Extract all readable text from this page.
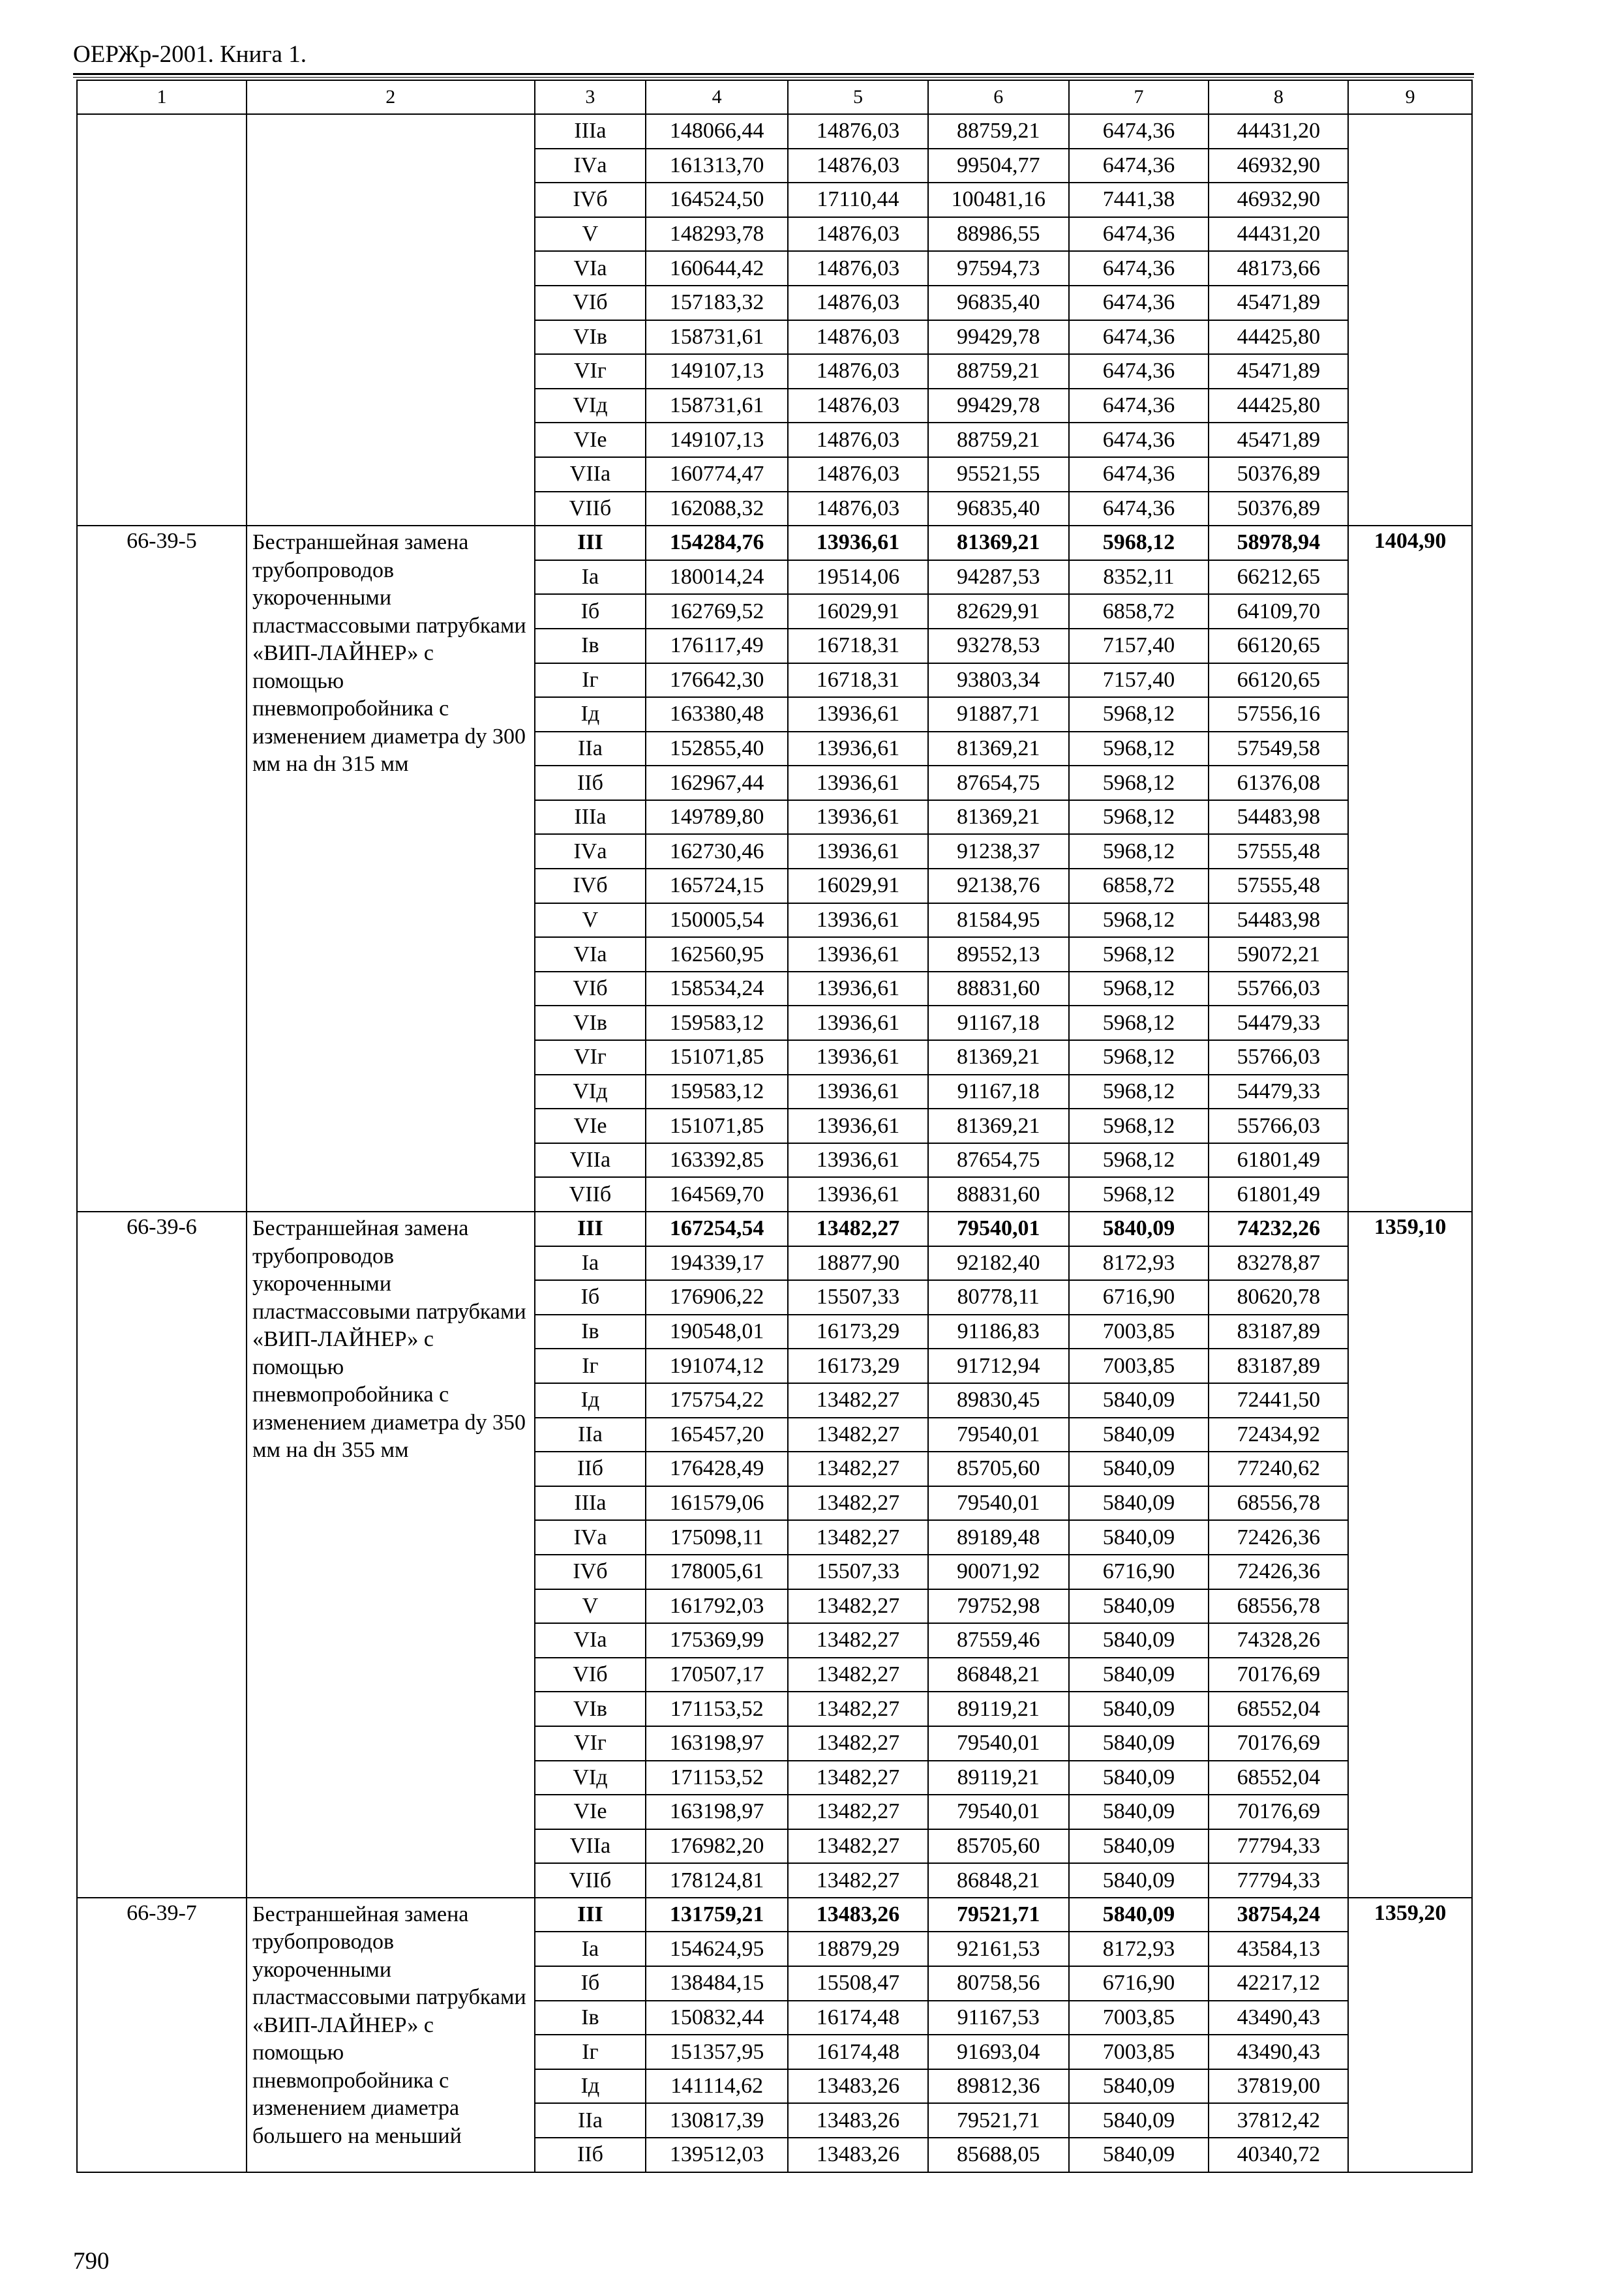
ОЕРЖр-2001. Книга 1.
1	2	3	4	5	6	7	8	9
		IIIа	148066,44	14876,03	88759,21	6474,36	44431,20	
		IVа	161313,70	14876,03	99504,77	6474,36	46932,90	
		IVб	164524,50	17110,44	100481,16	7441,38	46932,90	
		V	148293,78	14876,03	88986,55	6474,36	44431,20	
		VIа	160644,42	14876,03	97594,73	6474,36	48173,66	
		VIб	157183,32	14876,03	96835,40	6474,36	45471,89	
		VIв	158731,61	14876,03	99429,78	6474,36	44425,80	
		VIг	149107,13	14876,03	88759,21	6474,36	45471,89	
		VIд	158731,61	14876,03	99429,78	6474,36	44425,80	
		VIе	149107,13	14876,03	88759,21	6474,36	45471,89	
		VIIа	160774,47	14876,03	95521,55	6474,36	50376,89	
		VIIб	162088,32	14876,03	96835,40	6474,36	50376,89	
66-39-5	Бестраншейная замена трубопроводов укороченными пластмассовыми патрубками «ВИП-ЛАЙНЕР» с помощью пневмопробойника с изменением диаметра dу 300 мм на dн 315 мм	III	154284,76	13936,61	81369,21	5968,12	58978,94	1404,90
		Iа	180014,24	19514,06	94287,53	8352,11	66212,65	
		Iб	162769,52	16029,91	82629,91	6858,72	64109,70	
		Iв	176117,49	16718,31	93278,53	7157,40	66120,65	
		Iг	176642,30	16718,31	93803,34	7157,40	66120,65	
		Iд	163380,48	13936,61	91887,71	5968,12	57556,16	
		IIа	152855,40	13936,61	81369,21	5968,12	57549,58	
		IIб	162967,44	13936,61	87654,75	5968,12	61376,08	
		IIIа	149789,80	13936,61	81369,21	5968,12	54483,98	
		IVа	162730,46	13936,61	91238,37	5968,12	57555,48	
		IVб	165724,15	16029,91	92138,76	6858,72	57555,48	
		V	150005,54	13936,61	81584,95	5968,12	54483,98	
		VIа	162560,95	13936,61	89552,13	5968,12	59072,21	
		VIб	158534,24	13936,61	88831,60	5968,12	55766,03	
		VIв	159583,12	13936,61	91167,18	5968,12	54479,33	
		VIг	151071,85	13936,61	81369,21	5968,12	55766,03	
		VIд	159583,12	13936,61	91167,18	5968,12	54479,33	
		VIе	151071,85	13936,61	81369,21	5968,12	55766,03	
		VIIа	163392,85	13936,61	87654,75	5968,12	61801,49	
		VIIб	164569,70	13936,61	88831,60	5968,12	61801,49	
66-39-6	Бестраншейная замена трубопроводов укороченными пластмассовыми патрубками «ВИП-ЛАЙНЕР» с помощью пневмопробойника с изменением диаметра dу 350 мм на dн 355 мм	III	167254,54	13482,27	79540,01	5840,09	74232,26	1359,10
		Iа	194339,17	18877,90	92182,40	8172,93	83278,87	
		Iб	176906,22	15507,33	80778,11	6716,90	80620,78	
		Iв	190548,01	16173,29	91186,83	7003,85	83187,89	
		Iг	191074,12	16173,29	91712,94	7003,85	83187,89	
		Iд	175754,22	13482,27	89830,45	5840,09	72441,50	
		IIа	165457,20	13482,27	79540,01	5840,09	72434,92	
		IIб	176428,49	13482,27	85705,60	5840,09	77240,62	
		IIIа	161579,06	13482,27	79540,01	5840,09	68556,78	
		IVа	175098,11	13482,27	89189,48	5840,09	72426,36	
		IVб	178005,61	15507,33	90071,92	6716,90	72426,36	
		V	161792,03	13482,27	79752,98	5840,09	68556,78	
		VIа	175369,99	13482,27	87559,46	5840,09	74328,26	
		VIб	170507,17	13482,27	86848,21	5840,09	70176,69	
		VIв	171153,52	13482,27	89119,21	5840,09	68552,04	
		VIг	163198,97	13482,27	79540,01	5840,09	70176,69	
		VIд	171153,52	13482,27	89119,21	5840,09	68552,04	
		VIе	163198,97	13482,27	79540,01	5840,09	70176,69	
		VIIа	176982,20	13482,27	85705,60	5840,09	77794,33	
		VIIб	178124,81	13482,27	86848,21	5840,09	77794,33	
66-39-7	Бестраншейная замена трубопроводов укороченными пластмассовыми патрубками «ВИП-ЛАЙНЕР» с помощью пневмопробойника с изменением диаметра большего на меньший	III	131759,21	13483,26	79521,71	5840,09	38754,24	1359,20
		Iа	154624,95	18879,29	92161,53	8172,93	43584,13	
		Iб	138484,15	15508,47	80758,56	6716,90	42217,12	
		Iв	150832,44	16174,48	91167,53	7003,85	43490,43	
		Iг	151357,95	16174,48	91693,04	7003,85	43490,43	
		Iд	141114,62	13483,26	89812,36	5840,09	37819,00	
		IIа	130817,39	13483,26	79521,71	5840,09	37812,42	
		IIб	139512,03	13483,26	85688,05	5840,09	40340,72	
790
